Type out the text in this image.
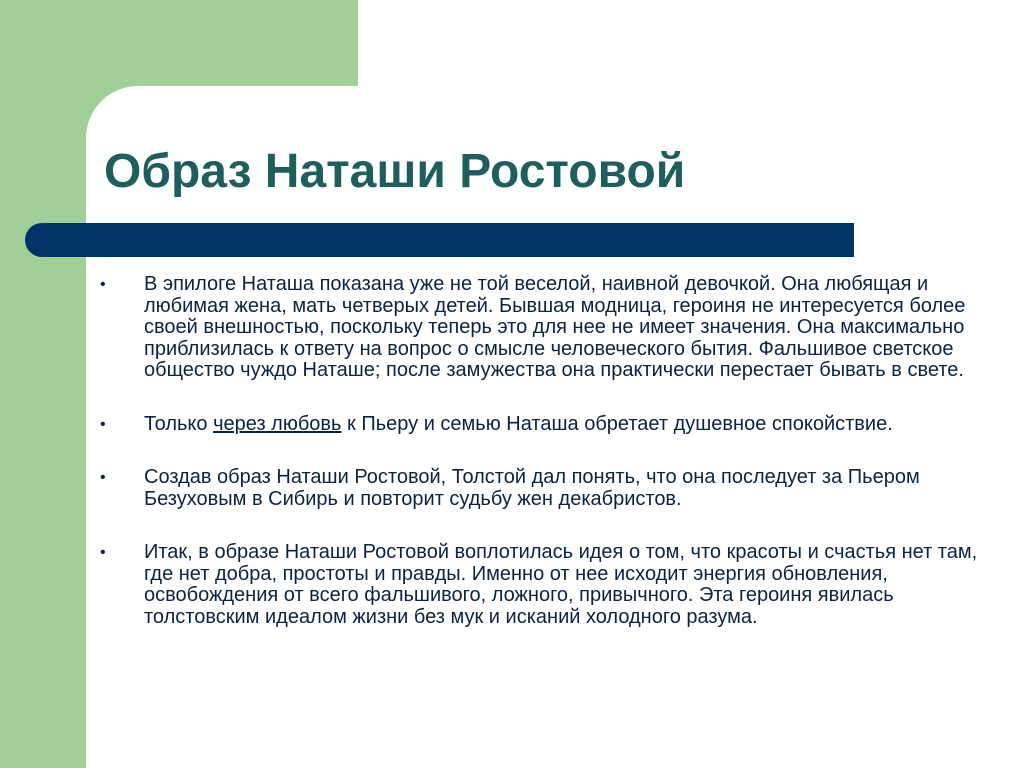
Образ Наташи Ростовой
• В эпилоге Наташа показана уже не той веселой, наивной девочкой. Она любящая и любимая жена, мать четверых детей. Бывшая модница, героиня не интересуется более своей внешностью, поскольку теперь это для нее не имеет значения. Она максимально приблизилась к ответу на вопрос о смысле человеческого бытия. Фальшивое светское общество чуждо Наташе; после замужества она практически перестает бывать в свете.
• Только через любовь к Пьеру и семью Наташа обретает душевное спокойствие.
• Создав образ Наташи Ростовой, Толстой дал понять, что она последует за Пьером Безуховым в Сибирь и повторит судьбу жен декабристов.
• Итак, в образе Наташи Ростовой воплотилась идея о том, что красоты и счастья нет там, где нет добра, простоты и правды. Именно от нее исходит энергия обновления, освобождения от всего фальшивого, ложного, привычного. Эта героиня явилась толстовским идеалом жизни без мук и исканий холодного разума.
